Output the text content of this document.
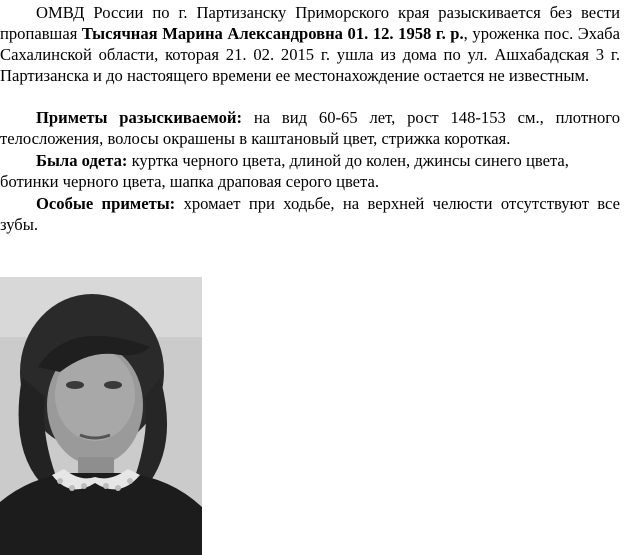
ОМВД России по г. Партизанску Приморского края разыскивается без вести пропавшая Тысячная Марина Александровна 01. 12. 1958 г. р., уроженка пос. Эхаба Сахалинской области, которая 21. 02. 2015 г. ушла из дома по ул. Ашхабадская 3 г. Партизанска и до настоящего времени ее местонахождение остается не известным.

Приметы разыскиваемой: на вид 60-65 лет, рост 148-153 см., плотного телосложения, волосы окрашены в каштановый цвет, стрижка короткая.

Была одета: куртка черного цвета, длиной до колен, джинсы синего цвета, ботинки черного цвета, шапка драповая серого цвета.

Особые приметы: хромает при ходьбе, на верхней челюсти отсутствуют все зубы.
